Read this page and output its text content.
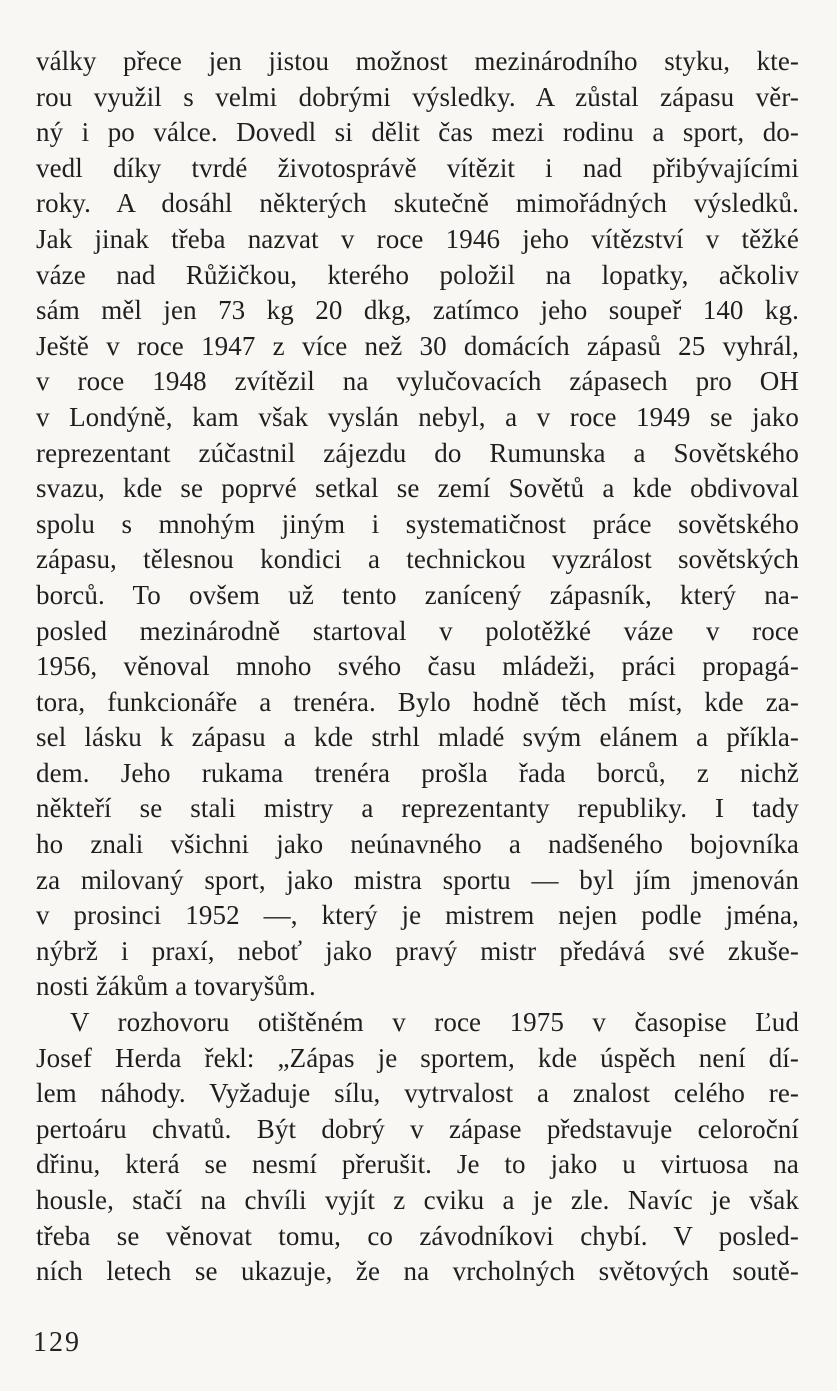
války přece jen jistou možnost mezinárodního styku, kte-
rou využil s velmi dobrými výsledky. A zůstal zápasu věr-
ný i po válce. Dovedl si dělit čas mezi rodinu a sport, do-
vedl díky tvrdé životosprávě vítězit i nad přibývajícími
roky. A dosáhl některých skutečně mimořádných výsledků.
Jak jinak třeba nazvat v roce 1946 jeho vítězství v těžké
váze nad Růžičkou, kterého položil na lopatky, ačkoliv
sám měl jen 73 kg 20 dkg, zatímco jeho soupeř 140 kg.
Ještě v roce 1947 z více než 30 domácích zápasů 25 vyhrál,
v roce 1948 zvítězil na vylučovacích zápasech pro OH
v Londýně, kam však vyslán nebyl, a v roce 1949 se jako
reprezentant zúčastnil zájezdu do Rumunska a Sovětského
svazu, kde se poprvé setkal se zemí Sovětů a kde obdivoval
spolu s mnohým jiným i systematičnost práce sovětského
zápasu, tělesnou kondici a technickou vyzrálost sovětských
borců. To ovšem už tento zanícený zápasník, který na-
posled mezinárodně startoval v polotěžké váze v roce
1956, věnoval mnoho svého času mládeži, práci propagá-
tora, funkcionáře a trenéra. Bylo hodně těch míst, kde za-
sel lásku k zápasu a kde strhl mladé svým elánem a příkla-
dem. Jeho rukama trenéra prošla řada borců, z nichž
někteří se stali mistry a reprezentanty republiky. I tady
ho znali všichni jako neúnavného a nadšeného bojovníka
za milovaný sport, jako mistra sportu — byl jím jmenován
v prosinci 1952 —, který je mistrem nejen podle jména,
nýbrž i praxí, neboť jako pravý mistr předává své zkuše-
nosti žákům a tovaryšům.
V rozhovoru otištěném v roce 1975 v časopise Ľud
Josef Herda řekl: „Zápas je sportem, kde úspěch není dí-
lem náhody. Vyžaduje sílu, vytrvalost a znalost celého re-
pertoáru chvatů. Být dobrý v zápase představuje celoroční
dřinu, která se nesmí přerušit. Je to jako u virtuosa na
housle, stačí na chvíli vyjít z cviku a je zle. Navíc je však
třeba se věnovat tomu, co závodníkovi chybí. V posled-
ních letech se ukazuje, že na vrcholných světových soutě-
129
